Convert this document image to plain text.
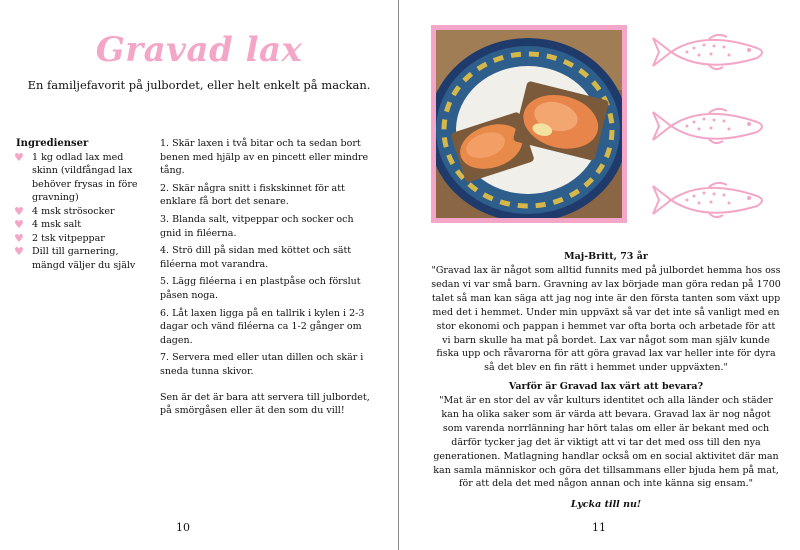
Gravad lax
En familjefavorit på julbordet, eller helt enkelt på mackan.
Ingredienser
♥ 1 kg odlad lax med skinn (vildfångad lax behöver frysas in före gravning)
♥ 4 msk strösocker
♥ 4 msk salt
♥ 2 tsk vitpeppar
♥ Dill till garnering, mängd väljer du själv

1. Skär laxen i två bitar och ta sedan bort benen med hjälp av en pincett eller mindre tång.

2. Skär några snitt i fiskskinnet för att enklare få bort det senare.

3. Blanda salt, vitpeppar och socker och gnid in filéerna.

4. Strö dill på sidan med köttet och sätt filéerna mot varandra.

5. Lägg filéerna i en plastpåse och förslut påsen noga.

6. Låt laxen ligga på en tallrik i kylen i 2-3 dagar och vänd filéerna ca 1-2 gånger om dagen.

7. Servera med eller utan dillen och skär i sneda tunna skivor.

Sen är det är bara att servera till julbordet, på smörgåsen eller ät den som du vill!

10
Maj-Britt, 73 år
"Gravad lax är något som alltid funnits med på julbordet hemma hos oss sedan vi var små barn. Gravning av lax började man göra redan på 1700 talet så man kan säga att jag nog inte är den första tanten som växt upp med det i hemmet. Under min uppväxt så var det inte så vanligt med en stor ekonomi och pappan i hemmet var ofta borta och arbetade för att vi barn skulle ha mat på bordet. Lax var något som man själv kunde fiska upp och råvarorna för att göra gravad lax var heller inte för dyra så det blev en fin rätt i hemmet under uppväxten."
Varför är Gravad lax värt att bevara?
"Mat är en stor del av vår kulturs identitet och alla länder och städer kan ha olika saker som är värda att bevara. Gravad lax är nog något som varenda norrlänning har hört talas om eller är bekant med och därför tycker jag det är viktigt att vi tar det med oss till den nya generationen. Matlagning handlar också om en social aktivitet där man kan samla människor och göra det tillsammans eller bjuda hem på mat, för att dela det med någon annan och inte känna sig ensam."
Lycka till nu!
11
